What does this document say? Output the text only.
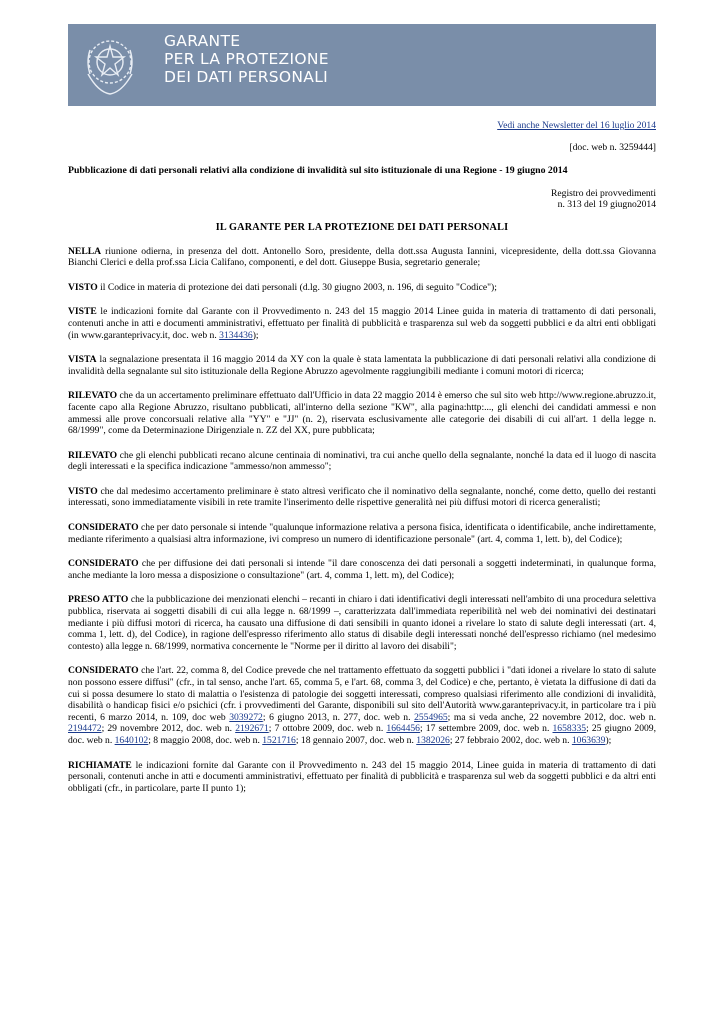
GARANTE
PER LA PROTEZIONE
DEI DATI PERSONALI
Vedi anche Newsletter del 16 luglio 2014
[doc. web n. 3259444]
Pubblicazione di dati personali relativi alla condizione di invalidità sul sito istituzionale di una Regione - 19 giugno 2014
Registro dei provvedimenti
n. 313 del 19 giugno2014
IL GARANTE PER LA PROTEZIONE DEI DATI PERSONALI

NELLA riunione odierna, in presenza del dott. Antonello Soro, presidente, della dott.ssa Augusta Iannini, vicepresidente, della dott.ssa Giovanna Bianchi Clerici e della prof.ssa Licia Califano, componenti, e del dott. Giuseppe Busia, segretario generale;

VISTO il Codice in materia di protezione dei dati personali (d.lg. 30 giugno 2003, n. 196, di seguito "Codice");

VISTE le indicazioni fornite dal Garante con il Provvedimento n. 243 del 15 maggio 2014 Linee guida in materia di trattamento di dati personali, contenuti anche in atti e documenti amministrativi, effettuato per finalità di pubblicità e trasparenza sul web da soggetti pubblici e da altri enti obbligati (in www.garanteprivacy.it, doc. web n. 3134436);

VISTA la segnalazione presentata il 16 maggio 2014 da XY con la quale è stata lamentata la pubblicazione di dati personali relativi alla condizione di invalidità della segnalante sul sito istituzionale della Regione Abruzzo agevolmente raggiungibili mediante i comuni motori di ricerca;

RILEVATO che da un accertamento preliminare effettuato dall'Ufficio in data 22 maggio 2014 è emerso che sul sito web http://www.regione.abruzzo.it, facente capo alla Regione Abruzzo, risultano pubblicati, all'interno della sezione "KW", alla pagina:http:..., gli elenchi dei candidati ammessi e non ammessi alle prove concorsuali relative alla "YY" e "JJ" (n. 2), riservata esclusivamente alle categorie dei disabili di cui all'art. 1 della legge n. 68/1999", come da Determinazione Dirigenziale n. ZZ del XX, pure pubblicata;

RILEVATO che gli elenchi pubblicati recano alcune centinaia di nominativi, tra cui anche quello della segnalante, nonché la data ed il luogo di nascita degli interessati e la specifica indicazione "ammesso/non ammesso";

VISTO che dal medesimo accertamento preliminare è stato altresì verificato che il nominativo della segnalante, nonché, come detto, quello dei restanti interessati, sono immediatamente visibili in rete tramite l'inserimento delle rispettive generalità nei più diffusi motori di ricerca generalisti;

CONSIDERATO che per dato personale si intende "qualunque informazione relativa a persona fisica, identificata o identificabile, anche indirettamente, mediante riferimento a qualsiasi altra informazione, ivi compreso un numero di identificazione personale" (art. 4, comma 1, lett. b), del Codice);

CONSIDERATO che per diffusione dei dati personali si intende "il dare conoscenza dei dati personali a soggetti indeterminati, in qualunque forma, anche mediante la loro messa a disposizione o consultazione" (art. 4, comma 1, lett. m), del Codice);

PRESO ATTO che la pubblicazione dei menzionati elenchi – recanti in chiaro i dati identificativi degli interessati nell'ambito di una procedura selettiva pubblica, riservata ai soggetti disabili di cui alla legge n. 68/1999 –, caratterizzata dall'immediata reperibilità nel web dei nominativi dei destinatari mediante i più diffusi motori di ricerca, ha causato una diffusione di dati sensibili in quanto idonei a rivelare lo stato di salute degli interessati (art. 4, comma 1, lett. d), del Codice), in ragione dell'espresso riferimento allo status di disabile degli interessati nonché dell'espresso richiamo (nel medesimo contesto) alla legge n. 68/1999, normativa concernente le "Norme per il diritto al lavoro dei disabili";

CONSIDERATO che l'art. 22, comma 8, del Codice prevede che nel trattamento effettuato da soggetti pubblici i "dati idonei a rivelare lo stato di salute non possono essere diffusi" (cfr., in tal senso, anche l'art. 65, comma 5, e l'art. 68, comma 3, del Codice) e che, pertanto, è vietata la diffusione di dati da cui si possa desumere lo stato di malattia o l'esistenza di patologie dei soggetti interessati, compreso qualsiasi riferimento alle condizioni di invalidità, disabilità o handicap fisici e/o psichici (cfr. i provvedimenti del Garante, disponibili sul sito dell'Autorità www.garanteprivacy.it, in particolare tra i più recenti, 6 marzo 2014, n. 109, doc web 3039272; 6 giugno 2013, n. 277, doc. web n. 2554965; ma si veda anche, 22 novembre 2012, doc. web n. 2194472; 29 novembre 2012, doc. web n. 2192671; 7 ottobre 2009, doc. web n. 1664456; 17 settembre 2009, doc. web n. 1658335; 25 giugno 2009, doc. web n. 1640102; 8 maggio 2008, doc. web n. 1521716; 18 gennaio 2007, doc. web n. 1382026; 27 febbraio 2002, doc. web n. 1063639);

RICHIAMATE le indicazioni fornite dal Garante con il Provvedimento n. 243 del 15 maggio 2014, Linee guida in materia di trattamento di dati personali, contenuti anche in atti e documenti amministrativi, effettuato per finalità di pubblicità e trasparenza sul web da soggetti pubblici e da altri enti obbligati (cfr., in particolare, parte II punto 1);
